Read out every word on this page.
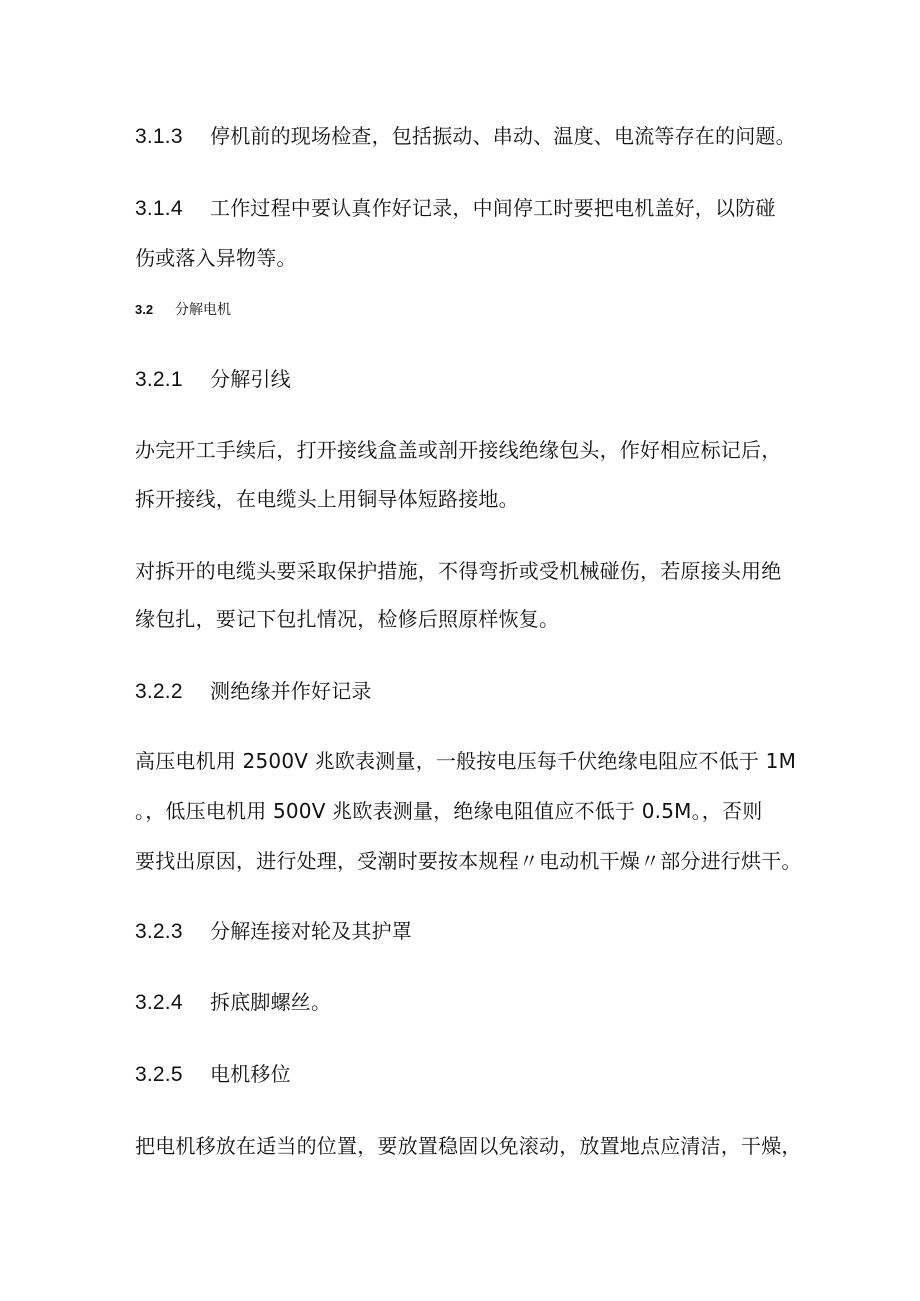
3.1.3 停机前的现场检查，包括振动、串动、温度、电流等存在的问题。
3.1.4 工作过程中要认真作好记录，中间停工时要把电机盖好，以防碰
伤或落入异物等。
3.2 分解电机
3.2.1 分解引线
办完开工手续后，打开接线盒盖或剖开接线绝缘包头，作好相应标记后，
拆开接线，在电缆头上用铜导体短路接地。
对拆开的电缆头要采取保护措施，不得弯折或受机械碰伤，若原接头用绝
缘包扎，要记下包扎情况，检修后照原样恢复。
3.2.2 测绝缘并作好记录
高压电机用 2500V 兆欧表测量，一般按电压每千伏绝缘电阻应不低于 1M
。，低压电机用 500V 兆欧表测量，绝缘电阻值应不低于 0.5M。，否则
要找出原因，进行处理，受潮时要按本规程〃电动机干燥〃部分进行烘干。
3.2.3 分解连接对轮及其护罩
3.2.4 拆底脚螺丝。
3.2.5 电机移位
把电机移放在适当的位置，要放置稳固以免滚动，放置地点应清洁，干燥，
